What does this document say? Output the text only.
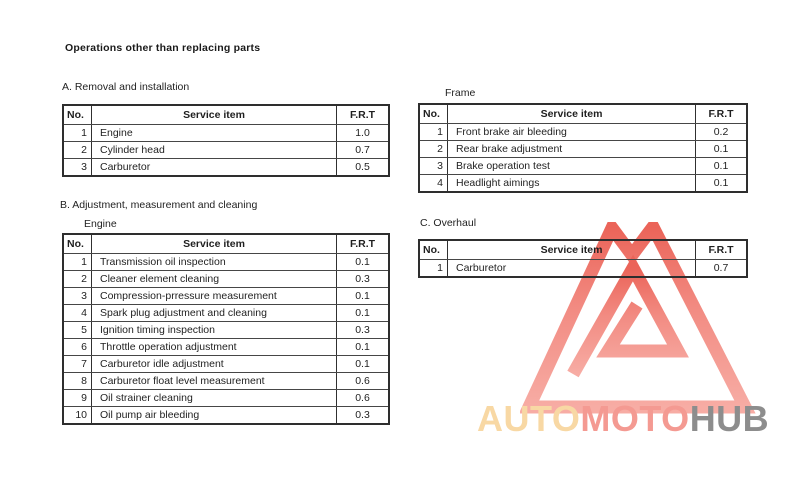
AUTOMOTOHUB
Operations other than replacing parts
A. Removal and installation
No.	Service item	F.R.T
1	Engine	1.0
2	Cylinder head	0.7
3	Carburetor	0.5
Frame
No.	Service item	F.R.T
1	Front brake air bleeding	0.2
2	Rear brake adjustment	0.1
3	Brake operation test	0.1
4	Headlight aimings	0.1
B. Adjustment, measurement and cleaning
Engine
No.	Service item	F.R.T
1	Transmission oil inspection	0.1
2	Cleaner element cleaning	0.3
3	Compression-prressure measurement	0.1
4	Spark plug adjustment and cleaning	0.1
5	Ignition timing inspection	0.3
6	Throttle operation adjustment	0.1
7	Carburetor idle adjustment	0.1
8	Carburetor float level measurement	0.6
9	Oil strainer cleaning	0.6
10	Oil pump air bleeding	0.3
C. Overhaul
No.	Service item	F.R.T
1	Carburetor	0.7
